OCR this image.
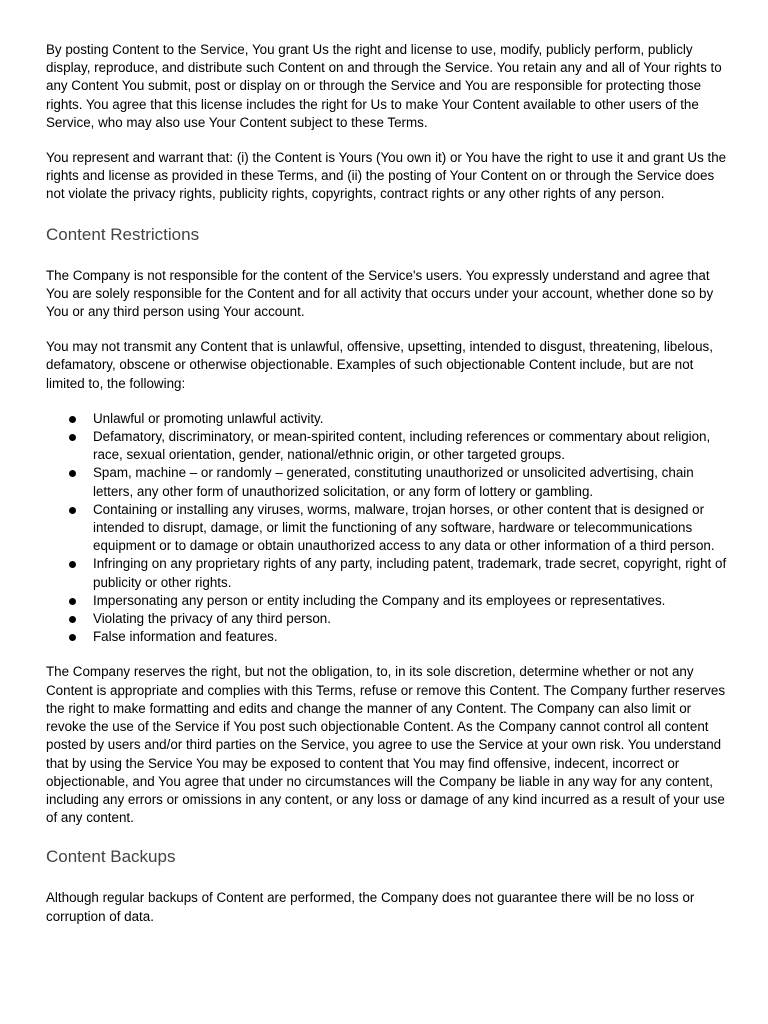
By posting Content to the Service, You grant Us the right and license to use, modify, publicly perform, publicly display, reproduce, and distribute such Content on and through the Service. You retain any and all of Your rights to any Content You submit, post or display on or through the Service and You are responsible for protecting those rights. You agree that this license includes the right for Us to make Your Content available to other users of the Service, who may also use Your Content subject to these Terms.

You represent and warrant that: (i) the Content is Yours (You own it) or You have the right to use it and grant Us the rights and license as provided in these Terms, and (ii) the posting of Your Content on or through the Service does not violate the privacy rights, publicity rights, copyrights, contract rights or any other rights of any person.

Content Restrictions

The Company is not responsible for the content of the Service's users. You expressly understand and agree that You are solely responsible for the Content and for all activity that occurs under your account, whether done so by You or any third person using Your account.

You may not transmit any Content that is unlawful, offensive, upsetting, intended to disgust, threatening, libelous, defamatory, obscene or otherwise objectionable. Examples of such objectionable Content include, but are not limited to, the following:

Unlawful or promoting unlawful activity.
Defamatory, discriminatory, or mean-spirited content, including references or commentary about religion, race, sexual orientation, gender, national/ethnic origin, or other targeted groups.
Spam, machine – or randomly – generated, constituting unauthorized or unsolicited advertising, chain letters, any other form of unauthorized solicitation, or any form of lottery or gambling.
Containing or installing any viruses, worms, malware, trojan horses, or other content that is designed or intended to disrupt, damage, or limit the functioning of any software, hardware or telecommunications equipment or to damage or obtain unauthorized access to any data or other information of a third person.
Infringing on any proprietary rights of any party, including patent, trademark, trade secret, copyright, right of publicity or other rights.
Impersonating any person or entity including the Company and its employees or representatives.
Violating the privacy of any third person.
False information and features.

The Company reserves the right, but not the obligation, to, in its sole discretion, determine whether or not any Content is appropriate and complies with this Terms, refuse or remove this Content. The Company further reserves the right to make formatting and edits and change the manner of any Content. The Company can also limit or revoke the use of the Service if You post such objectionable Content. As the Company cannot control all content posted by users and/or third parties on the Service, you agree to use the Service at your own risk. You understand that by using the Service You may be exposed to content that You may find offensive, indecent, incorrect or objectionable, and You agree that under no circumstances will the Company be liable in any way for any content, including any errors or omissions in any content, or any loss or damage of any kind incurred as a result of your use of any content.

Content Backups

Although regular backups of Content are performed, the Company does not guarantee there will be no loss or corruption of data.
